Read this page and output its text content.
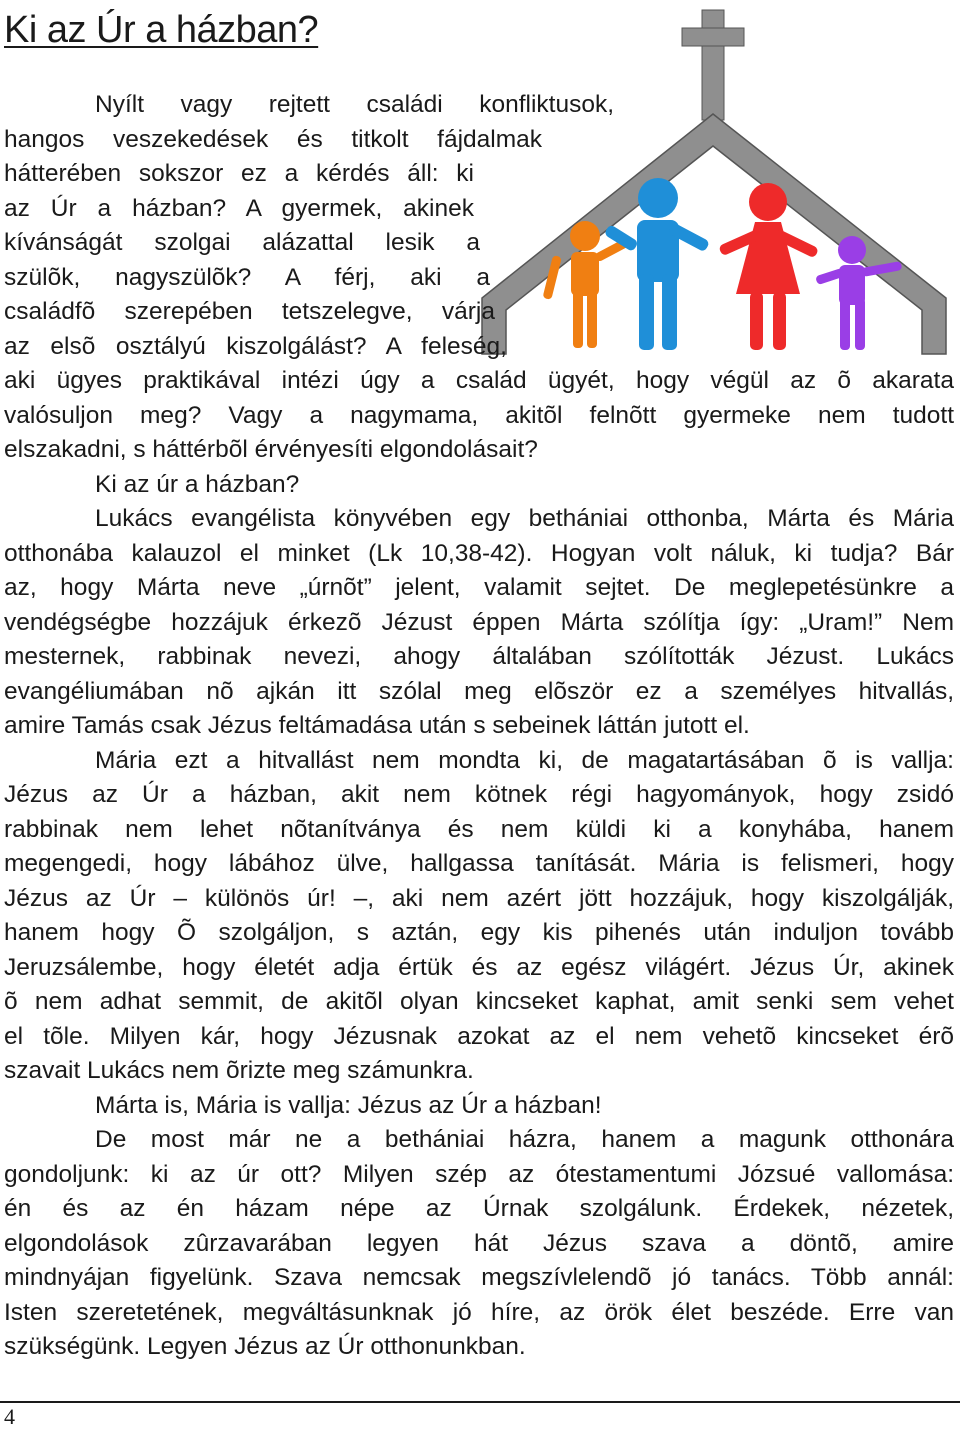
Ki az Úr a házban?
Nyílt vagy rejtett családi konfliktusok,
hangos veszekedések és titkolt fájdalmak
hátterében sokszor ez a kérdés áll: ki
az Úr a házban? A gyermek, akinek
kívánságát szolgai alázattal lesik a
szülõk, nagyszülõk? A férj, aki a
családfõ szerepében tetszelegve, várja
az elsõ osztályú kiszolgálást? A feleség,
aki ügyes praktikával intézi úgy a család ügyét, hogy végül az õ akarata
valósuljon meg? Vagy a nagymama, akitõl felnõtt gyermeke nem tudott
elszakadni, s háttérbõl érvényesíti elgondolásait?
Ki az úr a házban?
Lukács evangélista könyvében egy bethániai otthonba, Márta és Mária
otthonába kalauzol el minket (Lk 10,38-42). Hogyan volt náluk, ki tudja? Bár
az, hogy Márta neve „úrnõt” jelent, valamit sejtet. De meglepetésünkre a
vendégségbe hozzájuk érkezõ Jézust éppen Márta szólítja így: „Uram!” Nem
mesternek, rabbinak nevezi, ahogy általában szólították Jézust. Lukács
evangéliumában nõ ajkán itt szólal meg elõször ez a személyes hitvallás,
amire Tamás csak Jézus feltámadása után s sebeinek láttán jutott el.
Mária ezt a hitvallást nem mondta ki, de magatartásában õ is vallja:
Jézus az Úr a házban, akit nem kötnek régi hagyományok, hogy zsidó
rabbinak nem lehet nõtanítványa és nem küldi ki a konyhába, hanem
megengedi, hogy lábához ülve, hallgassa tanítását. Mária is felismeri, hogy
Jézus az Úr – különös úr! –, aki nem azért jött hozzájuk, hogy kiszolgálják,
hanem hogy Õ szolgáljon, s aztán, egy kis pihenés után induljon tovább
Jeruzsálembe, hogy életét adja értük és az egész világért. Jézus Úr, akinek
õ nem adhat semmit, de akitõl olyan kincseket kaphat, amit senki sem vehet
el tõle. Milyen kár, hogy Jézusnak azokat az el nem vehetõ kincseket érõ
szavait Lukács nem õrizte meg számunkra.
Márta is, Mária is vallja: Jézus az Úr a házban!
De most már ne a bethániai házra, hanem a magunk otthonára
gondoljunk: ki az úr ott? Milyen szép az ótestamentumi Józsué vallomása:
én és az én házam népe az Úrnak szolgálunk. Érdekek, nézetek,
elgondolások zûrzavarában legyen hát Jézus szava a döntõ, amire
mindnyájan figyelünk. Szava nemcsak megszívlelendõ jó tanács. Több annál:
Isten szeretetének, megváltásunknak jó híre, az örök élet beszéde. Erre van
szükségünk. Legyen Jézus az Úr otthonunkban.
4
